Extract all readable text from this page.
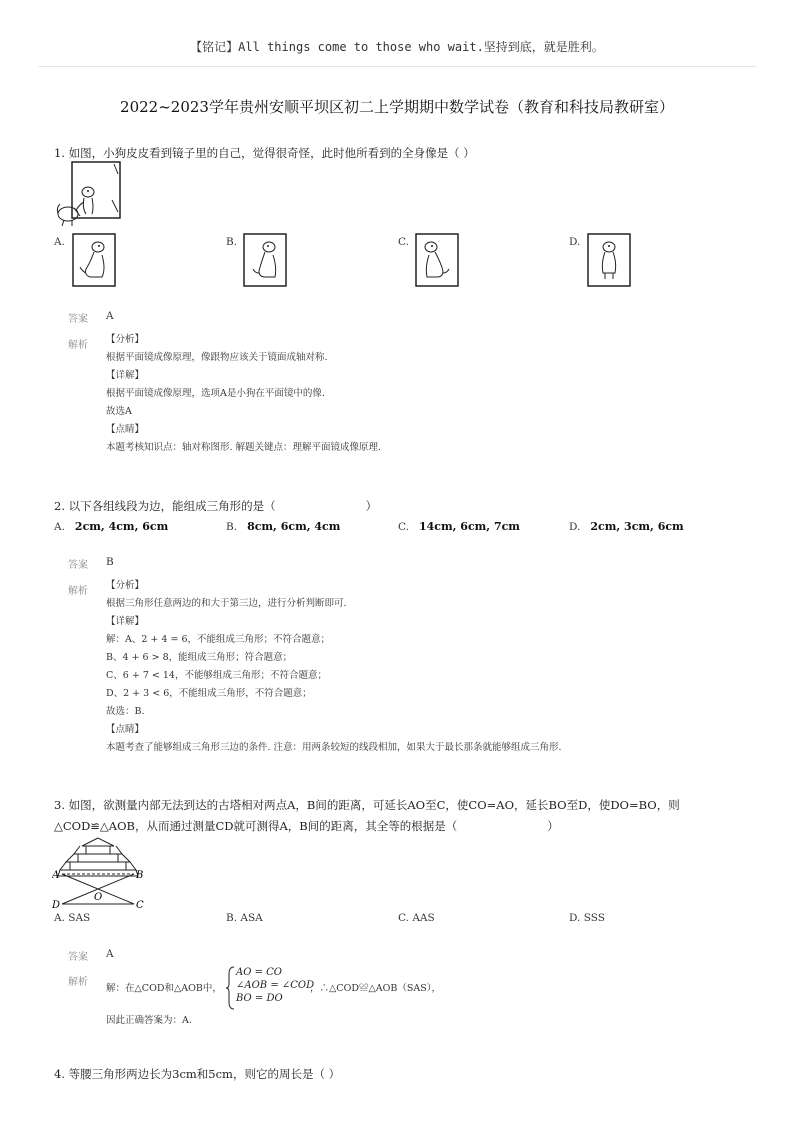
【铭记】All things come to those who wait.坚持到底，就是胜利。
2022~2023学年贵州安顺平坝区初二上学期期中数学试卷（教育和科技局教研室）
1. 如图，小狗皮皮看到镜子里的自己，觉得很奇怪，此时他所看到的全身像是（ ）
A.	B.	C.	D.
答案 A
解析
【分析】
根据平面镜成像原理，像跟物应该关于镜面成轴对称.
【详解】
根据平面镜成像原理，选项A是小狗在平面镜中的像.
故选A
【点睛】
本题考核知识点：轴对称图形. 解题关键点：理解平面镜成像原理.
2. 以下各组线段为边，能组成三角形的是（	）
A. 2cm, 4cm, 6cm	B. 8cm, 6cm, 4cm	C. 14cm, 6cm, 7cm	D. 2cm, 3cm, 6cm
答案 B
解析
【分析】
根据三角形任意两边的和大于第三边，进行分析判断即可.
【详解】
解：A、2 + 4 = 6，不能组成三角形；不符合题意；
B、4 + 6 > 8，能组成三角形；符合题意；
C、6 + 7 < 14，不能够组成三角形；不符合题意；
D、2 + 3 < 6，不能组成三角形，不符合题意；
故选：B.
【点睛】
本题考查了能够组成三角形三边的条件. 注意：用两条较短的线段相加，如果大于最长那条就能够组成三角形.
3. 如图，欲测量内部无法到达的古塔相对两点A，B间的距离，可延长AO至C，使CO=AO，延长BO至D，使DO=BO，则
△COD≌△AOB，从而通过测量CD就可测得A，B间的距离，其全等的根据是（	）
A	B
C
D
O
A. SAS	B. ASA	C. AAS	D. SSS
答案 A
解析
解：在△COD和△AOB中，
AO = CO
∠AOB = ∠COD
BO = DO
，∴△COD≌△AOB（SAS），
因此正确答案为：A.
4. 等腰三角形两边长为3cm和5cm，则它的周长是（ ）
